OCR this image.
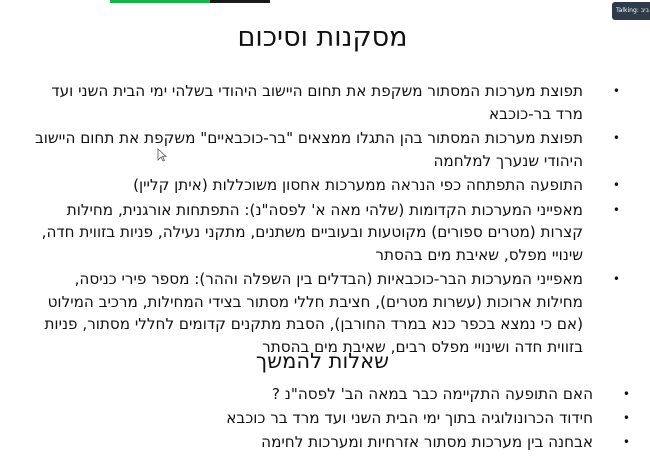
Talking: ביב
מסקנות וסיכום
•
תפוצת מערכות המסתור משקפת את תחום היישוב היהודי בשלהי ימי הבית השני ועד מרד בר-כוכבא
•
תפוצת מערכות המסתור בהן התגלו ממצאים "בר-כוכבאיים" משקפת את תחום היישוב היהודי שנערך למלחמה
•
התופעה התפתחה כפי הנראה ממערכות אחסון משוכללות (איתן קליין)
•
מאפייני המערכות הקדומות (שלהי מאה א' לפסה"נ): התפתחות אורגנית, מחילות קצרות (מטרים ספורים) מקוטעות ובעוביים משתנים, מתקני נעילה, פניות בזווית חדה, שינויי מפלס, שאיבת מים בהסתר
•
מאפייני המערכות הבר-כוכבאיות (הבדלים בין השפלה וההר): מספר פירי כניסה, מחילות ארוכות (עשרות מטרים), חציבת חללי מסתור בצידי המחילות, מרכיב המילוט (אם כי נמצא בכפר כנא במרד החורבן), הסבת מתקנים קדומים לחללי מסתור, פניות בזווית חדה ושינויי מפלס רבים, שאיבת מים בהסתר
שאלות להמשך
•
האם התופעה התקיימה כבר במאה הב' לפסה"נ ?
•
חידוד הכרונולוגיה בתוך ימי הבית השני ועד מרד בר כוכבא
•
אבחנה בין מערכות מסתור אזרחיות ומערכות לחימה
